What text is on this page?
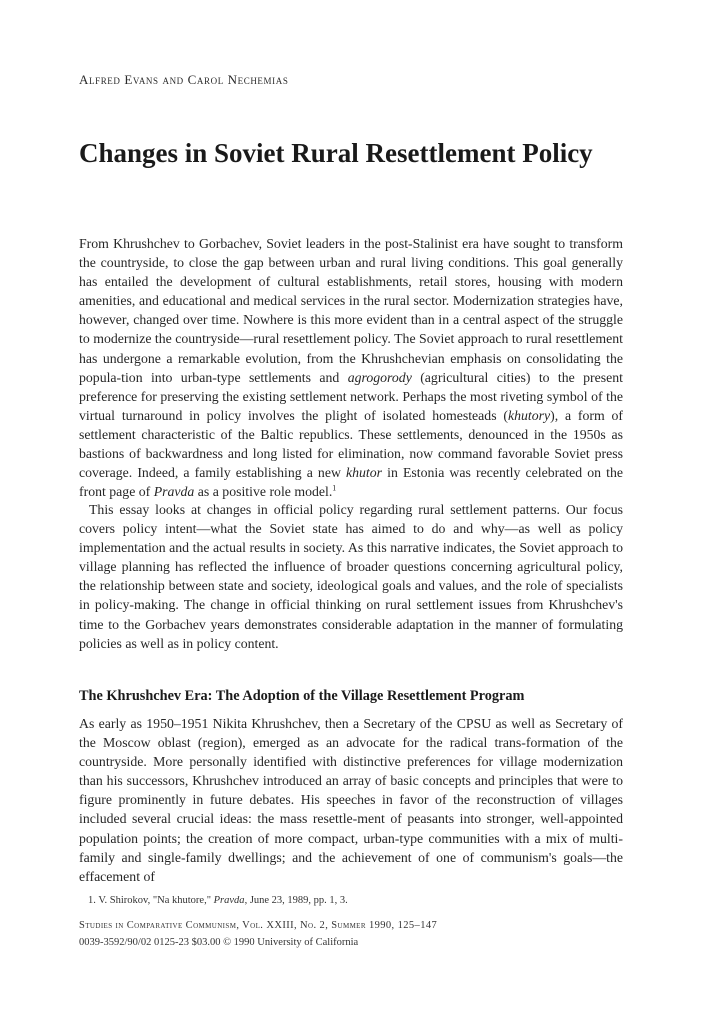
Alfred Evans and Carol Nechemias
Changes in Soviet Rural Resettlement Policy

From Khrushchev to Gorbachev, Soviet leaders in the post-Stalinist era have sought to transform the countryside, to close the gap between urban and rural living conditions. This goal generally has entailed the development of cultural establishments, retail stores, housing with modern amenities, and educational and medical services in the rural sector. Modernization strategies have, however, changed over time. Nowhere is this more evident than in a central aspect of the struggle to modernize the countryside—rural resettlement policy. The Soviet approach to rural resettlement has undergone a remarkable evolution, from the Khrushchevian emphasis on consolidating the popula-tion into urban-type settlements and agrogorody (agricultural cities) to the present preference for preserving the existing settlement network. Perhaps the most riveting symbol of the virtual turnaround in policy involves the plight of isolated homesteads (khutory), a form of settlement characteristic of the Baltic republics. These settlements, denounced in the 1950s as bastions of backwardness and long listed for elimination, now command favorable Soviet press coverage. Indeed, a family establishing a new khutor in Estonia was recently celebrated on the front page of Pravda as a positive role model.$^1$

This essay looks at changes in official policy regarding rural settlement patterns. Our focus covers policy intent—what the Soviet state has aimed to do and why—as well as policy implementation and the actual results in society. As this narrative indicates, the Soviet approach to village planning has reflected the influence of broader questions concerning agricultural policy, the relationship between state and society, ideological goals and values, and the role of specialists in policy-making. The change in official thinking on rural settlement issues from Khrushchev's time to the Gorbachev years demonstrates considerable adaptation in the manner of formulating policies as well as in policy content.

The Khrushchev Era: The Adoption of the Village Resettlement Program

As early as 1950–1951 Nikita Khrushchev, then a Secretary of the CPSU as well as Secretary of the Moscow oblast (region), emerged as an advocate for the radical trans-formation of the countryside. More personally identified with distinctive preferences for village modernization than his successors, Khrushchev introduced an array of basic concepts and principles that were to figure prominently in future debates. His speeches in favor of the reconstruction of villages included several crucial ideas: the mass resettle-ment of peasants into stronger, well-appointed population points; the creation of more compact, urban-type communities with a mix of multi-family and single-family dwellings; and the achievement of one of communism's goals—the effacement of

1. V. Shirokov, "Na khutore," Pravda, June 23, 1989, pp. 1, 3.
Studies in Comparative Communism, Vol. XXIII, No. 2, Summer 1990, 125–147
0039-3592/90/02 0125-23 $03.00 © 1990 University of California
